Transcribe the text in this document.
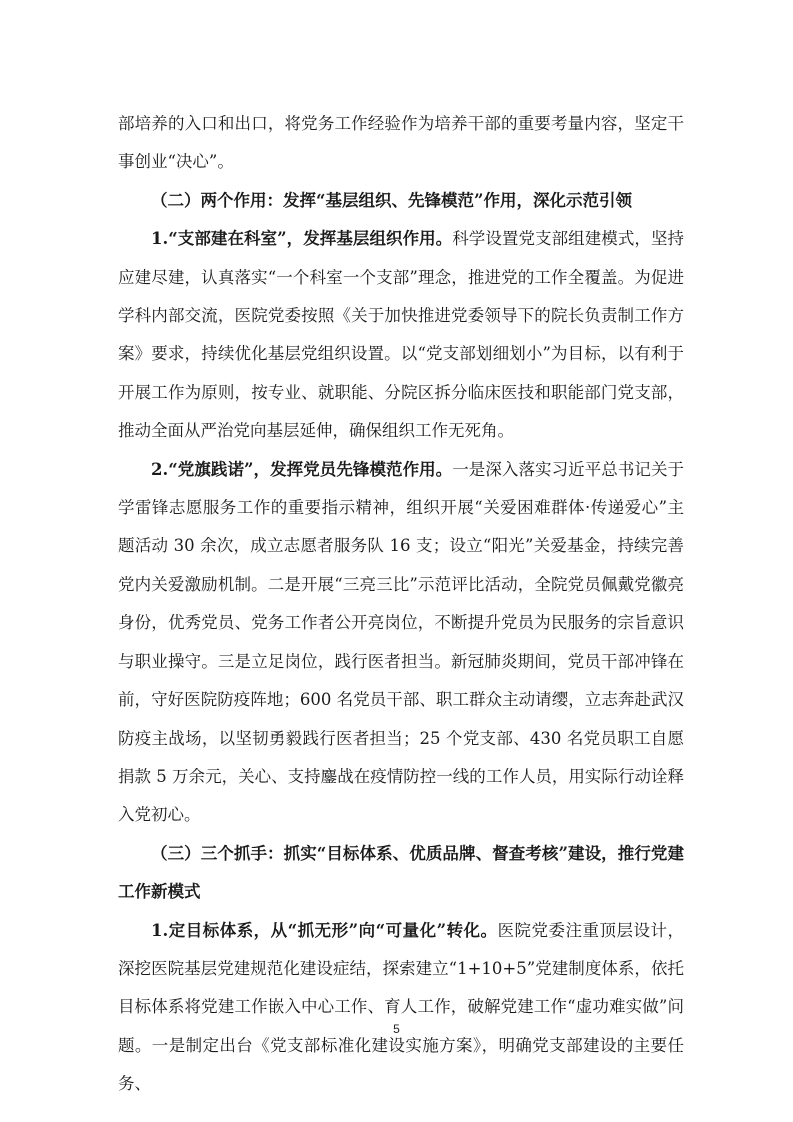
部培养的入口和出口，将党务工作经验作为培养干部的重要考量内容，坚定干事创业“决心”。

（二）两个作用：发挥“基层组织、先锋模范”作用，深化示范引领

1.“支部建在科室”，发挥基层组织作用。科学设置党支部组建模式，坚持应建尽建，认真落实“一个科室一个支部”理念，推进党的工作全覆盖。为促进学科内部交流，医院党委按照《关于加快推进党委领导下的院长负责制工作方案》要求，持续优化基层党组织设置。以“党支部划细划小”为目标，以有利于开展工作为原则，按专业、就职能、分院区拆分临床医技和职能部门党支部，推动全面从严治党向基层延伸，确保组织工作无死角。

2.“党旗践诺”，发挥党员先锋模范作用。一是深入落实习近平总书记关于学雷锋志愿服务工作的重要指示精神，组织开展“关爱困难群体·传递爱心”主题活动 30 余次，成立志愿者服务队 16 支；设立“阳光”关爱基金，持续完善党内关爱激励机制。二是开展“三亮三比”示范评比活动，全院党员佩戴党徽亮身份，优秀党员、党务工作者公开亮岗位，不断提升党员为民服务的宗旨意识与职业操守。三是立足岗位，践行医者担当。新冠肺炎期间，党员干部冲锋在前，守好医院防疫阵地；600 名党员干部、职工群众主动请缨，立志奔赴武汉防疫主战场，以坚韧勇毅践行医者担当；25 个党支部、430 名党员职工自愿捐款 5 万余元，关心、支持鏖战在疫情防控一线的工作人员，用实际行动诠释入党初心。

（三）三个抓手：抓实“目标体系、优质品牌、督查考核”建设，推行党建工作新模式

1.定目标体系，从“抓无形”向“可量化”转化。医院党委注重顶层设计，深挖医院基层党建规范化建设症结，探索建立“1+10+5”党建制度体系，依托目标体系将党建工作嵌入中心工作、育人工作，破解党建工作“虚功难实做”问题。一是制定出台《党支部标准化建设实施方案》，明确党支部建设的主要任务、

5
